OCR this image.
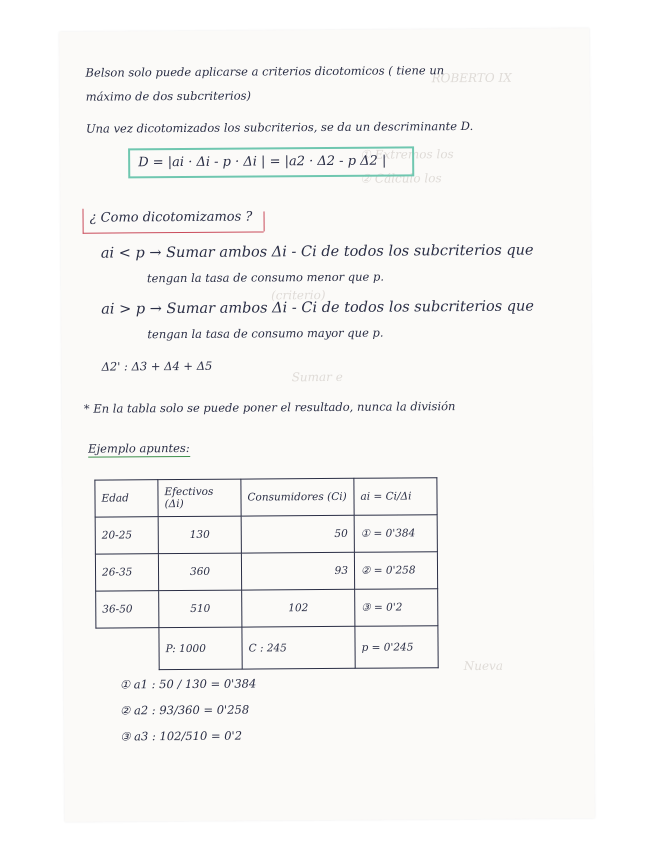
ROBERTO IX
① Extremos los
② Cálculo los
(criterio)
Sumar e
Nueva
Belson solo puede aplicarse a criterios dicotomicos ( tiene un
máximo de dos subcriterios)
Una vez dicotomizados los subcriterios, se da un descriminante D.
D = |ai · Δi - p · Δi | = |a2 · Δ2 - p Δ2 |
¿ Como dicotomizamos ?
ai < p → Sumar ambos Δi - Ci de todos los subcriterios que
tengan la tasa de consumo menor que p.
ai > p → Sumar ambos Δi - Ci de todos los subcriterios que
tengan la tasa de consumo mayor que p.
Δ2' : Δ3 + Δ4 + Δ5
* En la tabla solo se puede poner el resultado, nunca la división
Ejemplo apuntes:
Edad	Efectivos (Δi)	Consumidores (Ci)	ai = Ci/Δi
20-25	130	50	① = 0'384
26-35	360	93	② = 0'258
36-50	510	102	③ = 0'2
	P: 1000	C : 245	p = 0'245
① a1 : 50 / 130 = 0'384
② a2 : 93/360 = 0'258
③ a3 : 102/510 = 0'2
